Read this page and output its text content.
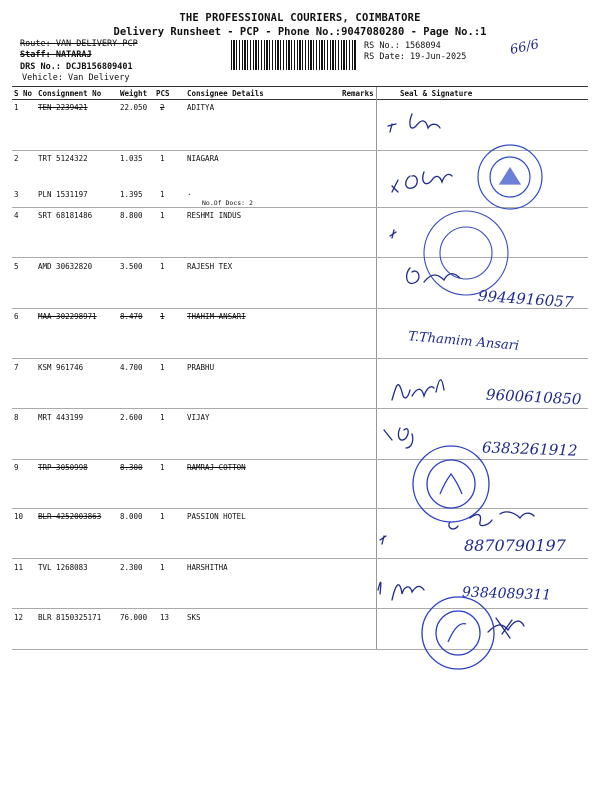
THE PROFESSIONAL COURIERS, COIMBATORE
Delivery Runsheet - PCP - Phone No.:9047080280 - Page No.:1
Route: VAN DELIVERY PCP
Staff: NATARAJ
DRS No.: DCJB156809401
Vehicle: Van Delivery
RS No.: 1568094
RS Date: 19-Jun-2025	66/6
S No Consignment No	Weight PCS Consignee Details	Remarks	Seal & Signature
1	TEN 2239421	22.050 2	ADITYA
2	TRT 5124322	1.035 1	NIAGARA
3	PLN 1531197	1.395 1	.
No.Of Docs: 2
4	SRT 68181486	8.800 1	RESHMI INDUS
5	AMD 30632820	3.500 1	RAJESH TEX
6	MAA 302298971	8.470 1	THAHIM ANSARI
7	KSM 961746	4.700 1	PRABHU
8	MRT 443199	2.600 1	VIJAY
9	TRP 3050998	8.300 1	RAMRAJ COTTON
10 BLR 4252003863	8.000 1	PASSION HOTEL
11 TVL 1268083	2.300 1	HARSHITHA
12 BLR 8150325171	76.000 13 SKS
9944916057
T.Thamim Ansari
9600610850
6383261912
8870790197
9384089311
